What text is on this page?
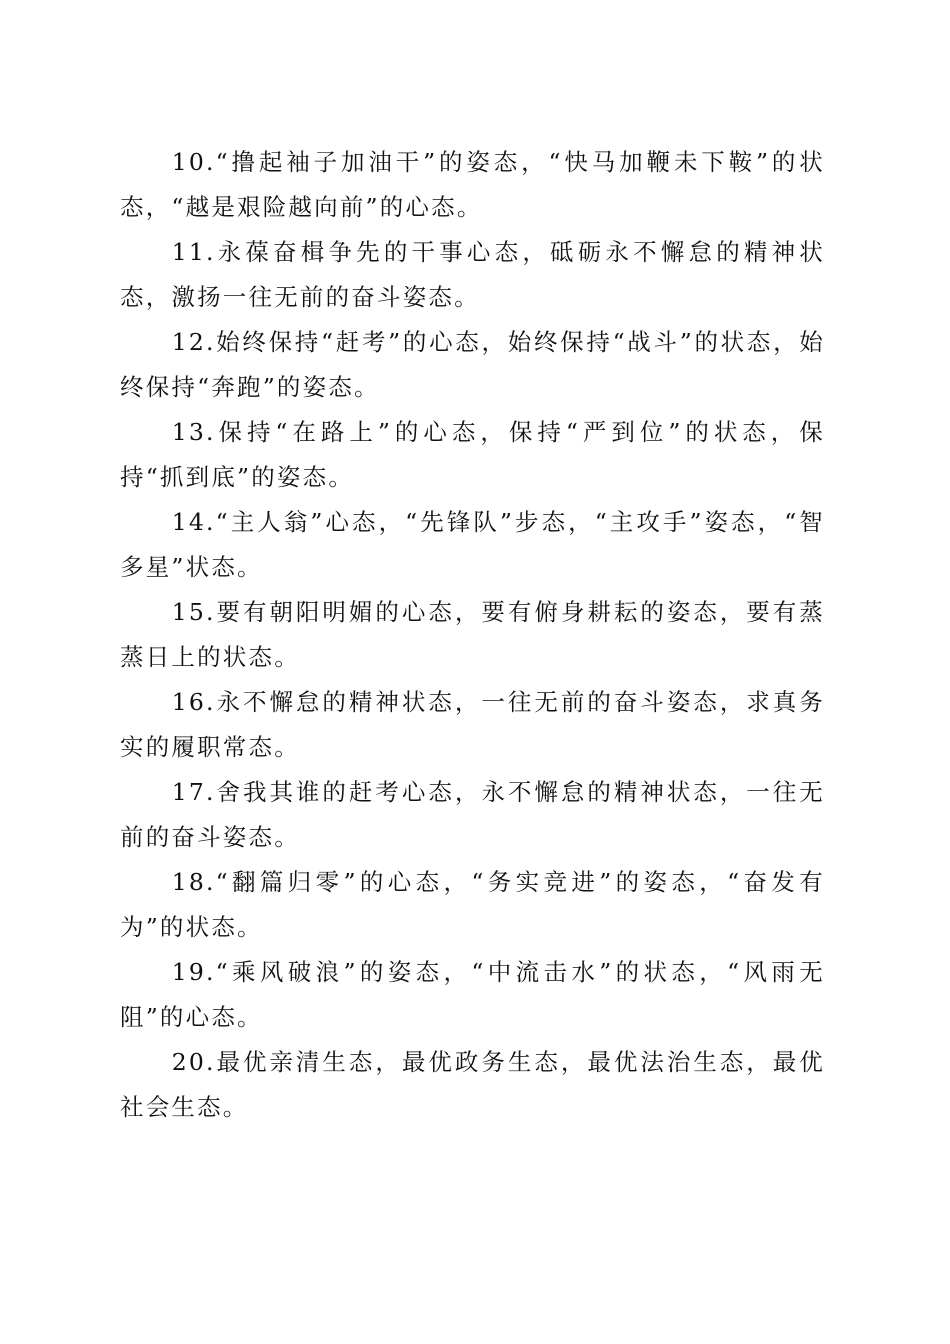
10.“撸起袖子加油干”的姿态，“快马加鞭未下鞍”的状态，“越是艰险越向前”的心态。

11.永葆奋楫争先的干事心态，砥砺永不懈怠的精神状态，激扬一往无前的奋斗姿态。

12.始终保持“赶考”的心态，始终保持“战斗”的状态，始终保持“奔跑”的姿态。

13.保持“在路上”的心态，保持“严到位”的状态，保持“抓到底”的姿态。

14.“主人翁”心态，“先锋队”步态，“主攻手”姿态，“智多星”状态。

15.要有朝阳明媚的心态，要有俯身耕耘的姿态，要有蒸蒸日上的状态。

16.永不懈怠的精神状态，一往无前的奋斗姿态，求真务实的履职常态。

17.舍我其谁的赶考心态，永不懈怠的精神状态，一往无前的奋斗姿态。

18.“翻篇归零”的心态，“务实竞进”的姿态，“奋发有为”的状态。

19.“乘风破浪”的姿态，“中流击水”的状态，“风雨无阻”的心态。

20.最优亲清生态，最优政务生态，最优法治生态，最优社会生态。
